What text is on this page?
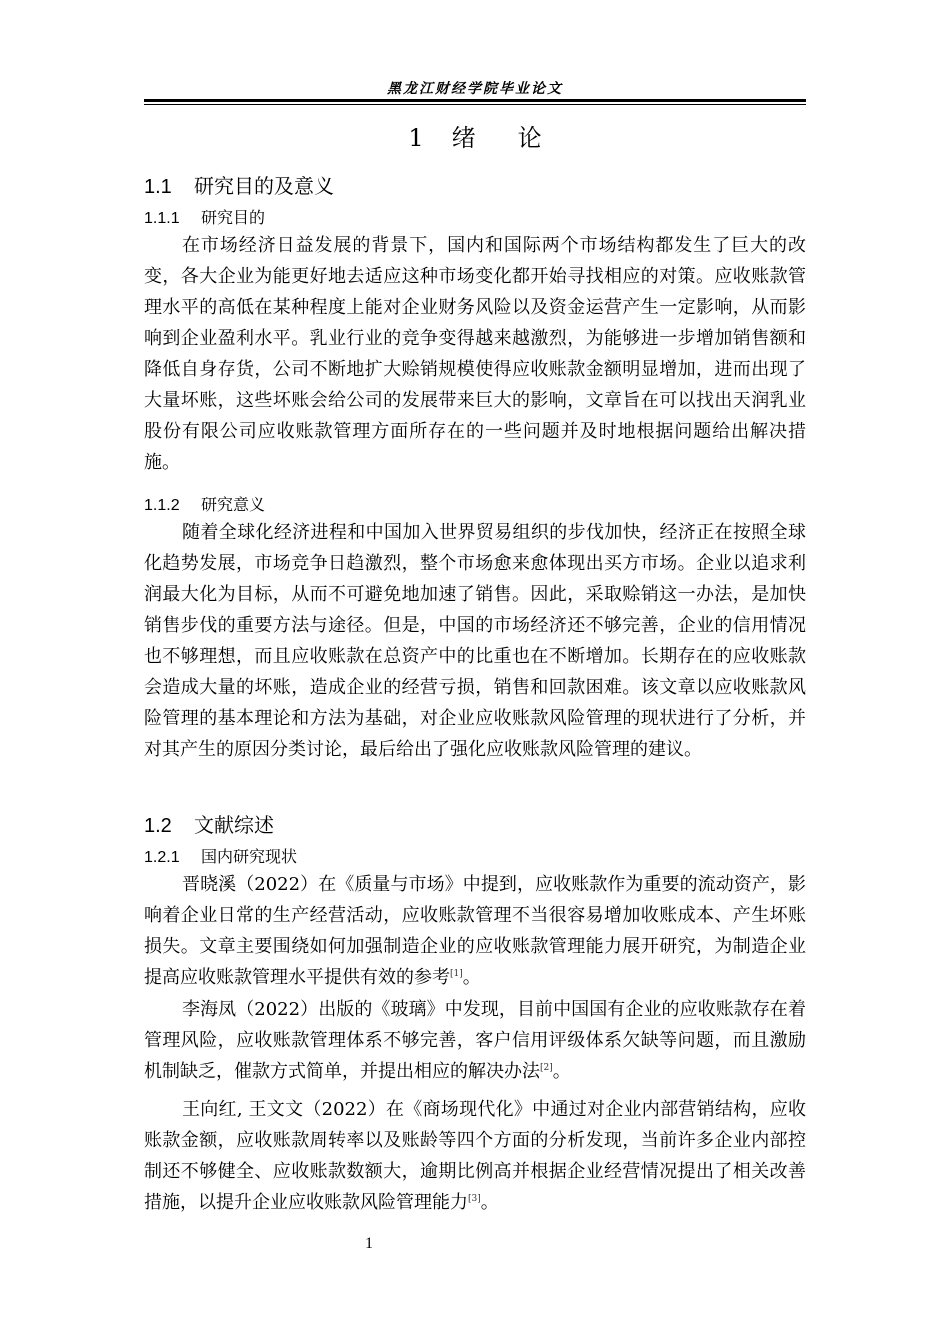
黑龙江财经学院毕业论文
1 绪 论
1.1 研究目的及意义
1.1.1 研究目的

在市场经济日益发展的背景下，国内和国际两个市场结构都发生了巨大的改变，各大企业为能更好地去适应这种市场变化都开始寻找相应的对策。应收账款管理水平的高低在某种程度上能对企业财务风险以及资金运营产生一定影响，从而影响到企业盈利水平。乳业行业的竞争变得越来越激烈，为能够进一步增加销售额和降低自身存货，公司不断地扩大赊销规模使得应收账款金额明显增加，进而出现了大量坏账，这些坏账会给公司的发展带来巨大的影响，文章旨在可以找出天润乳业股份有限公司应收账款管理方面所存在的一些问题并及时地根据问题给出解决措施。

1.1.2 研究意义

随着全球化经济进程和中国加入世界贸易组织的步伐加快，经济正在按照全球化趋势发展，市场竞争日趋激烈，整个市场愈来愈体现出买方市场。企业以追求利润最大化为目标，从而不可避免地加速了销售。因此，采取赊销这一办法，是加快销售步伐的重要方法与途径。但是，中国的市场经济还不够完善，企业的信用情况也不够理想，而且应收账款在总资产中的比重也在不断增加。长期存在的应收账款会造成大量的坏账，造成企业的经营亏损，销售和回款困难。该文章以应收账款风险管理的基本理论和方法为基础，对企业应收账款风险管理的现状进行了分析，并对其产生的原因分类讨论，最后给出了强化应收账款风险管理的建议。

1.2 文献综述
1.2.1 国内研究现状

晋晓溪（2022）在《质量与市场》中提到，应收账款作为重要的流动资产，影响着企业日常的生产经营活动，应收账款管理不当很容易增加收账成本、产生坏账损失。文章主要围绕如何加强制造企业的应收账款管理能力展开研究，为制造企业提高应收账款管理水平提供有效的参考[1]。

李海凤（2022）出版的《玻璃》中发现，目前中国国有企业的应收账款存在着管理风险，应收账款管理体系不够完善，客户信用评级体系欠缺等问题，而且激励机制缺乏，催款方式简单，并提出相应的解决办法[2]。

王向红, 王文文（2022）在《商场现代化》中通过对企业内部营销结构，应收账款金额，应收账款周转率以及账龄等四个方面的分析发现，当前许多企业内部控制还不够健全、应收账款数额大，逾期比例高并根据企业经营情况提出了相关改善措施，以提升企业应收账款风险管理能力[3]。

1
